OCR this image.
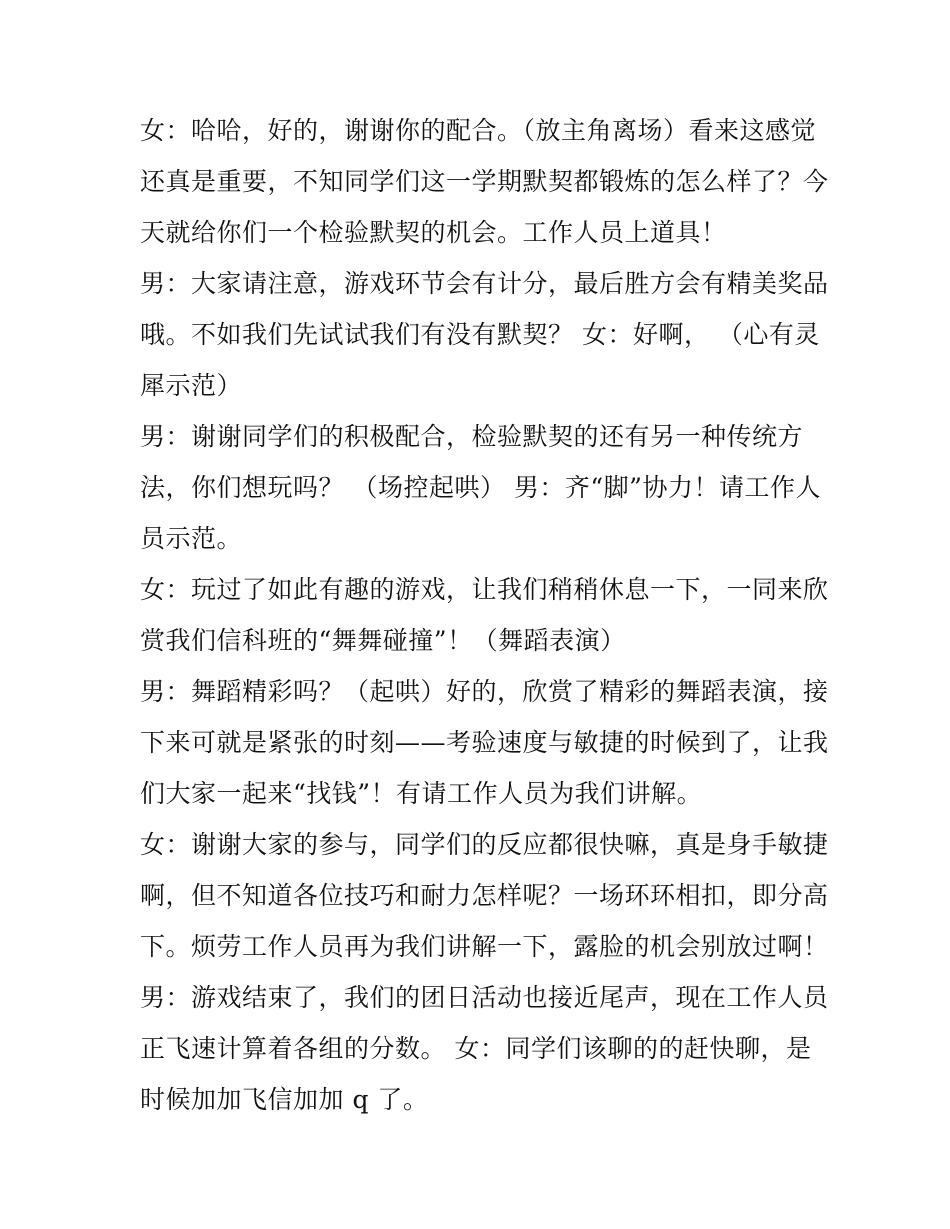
女：哈哈，好的，谢谢你的配合。（放主角离场）看来这感觉
还真是重要，不知同学们这一学期默契都锻炼的怎么样了？今
天就给你们一个检验默契的机会。工作人员上道具！
男：大家请注意，游戏环节会有计分，最后胜方会有精美奖品
哦。不如我们先试试我们有没有默契？ 女：好啊， （心有灵
犀示范）
男：谢谢同学们的积极配合，检验默契的还有另一种传统方
法，你们想玩吗？ （场控起哄） 男：齐“脚”协力！请工作人
员示范。
女：玩过了如此有趣的游戏，让我们稍稍休息一下，一同来欣
赏我们信科班的“舞舞碰撞”！（舞蹈表演）
男：舞蹈精彩吗？（起哄）好的，欣赏了精彩的舞蹈表演，接
下来可就是紧张的时刻——考验速度与敏捷的时候到了，让我
们大家一起来“找钱”！有请工作人员为我们讲解。
女：谢谢大家的参与，同学们的反应都很快嘛，真是身手敏捷
啊，但不知道各位技巧和耐力怎样呢？一场环环相扣，即分高
下。烦劳工作人员再为我们讲解一下，露脸的机会别放过啊！
男：游戏结束了，我们的团日活动也接近尾声，现在工作人员
正飞速计算着各组的分数。 女：同学们该聊的的赶快聊，是
时候加加飞信加加 q 了。
